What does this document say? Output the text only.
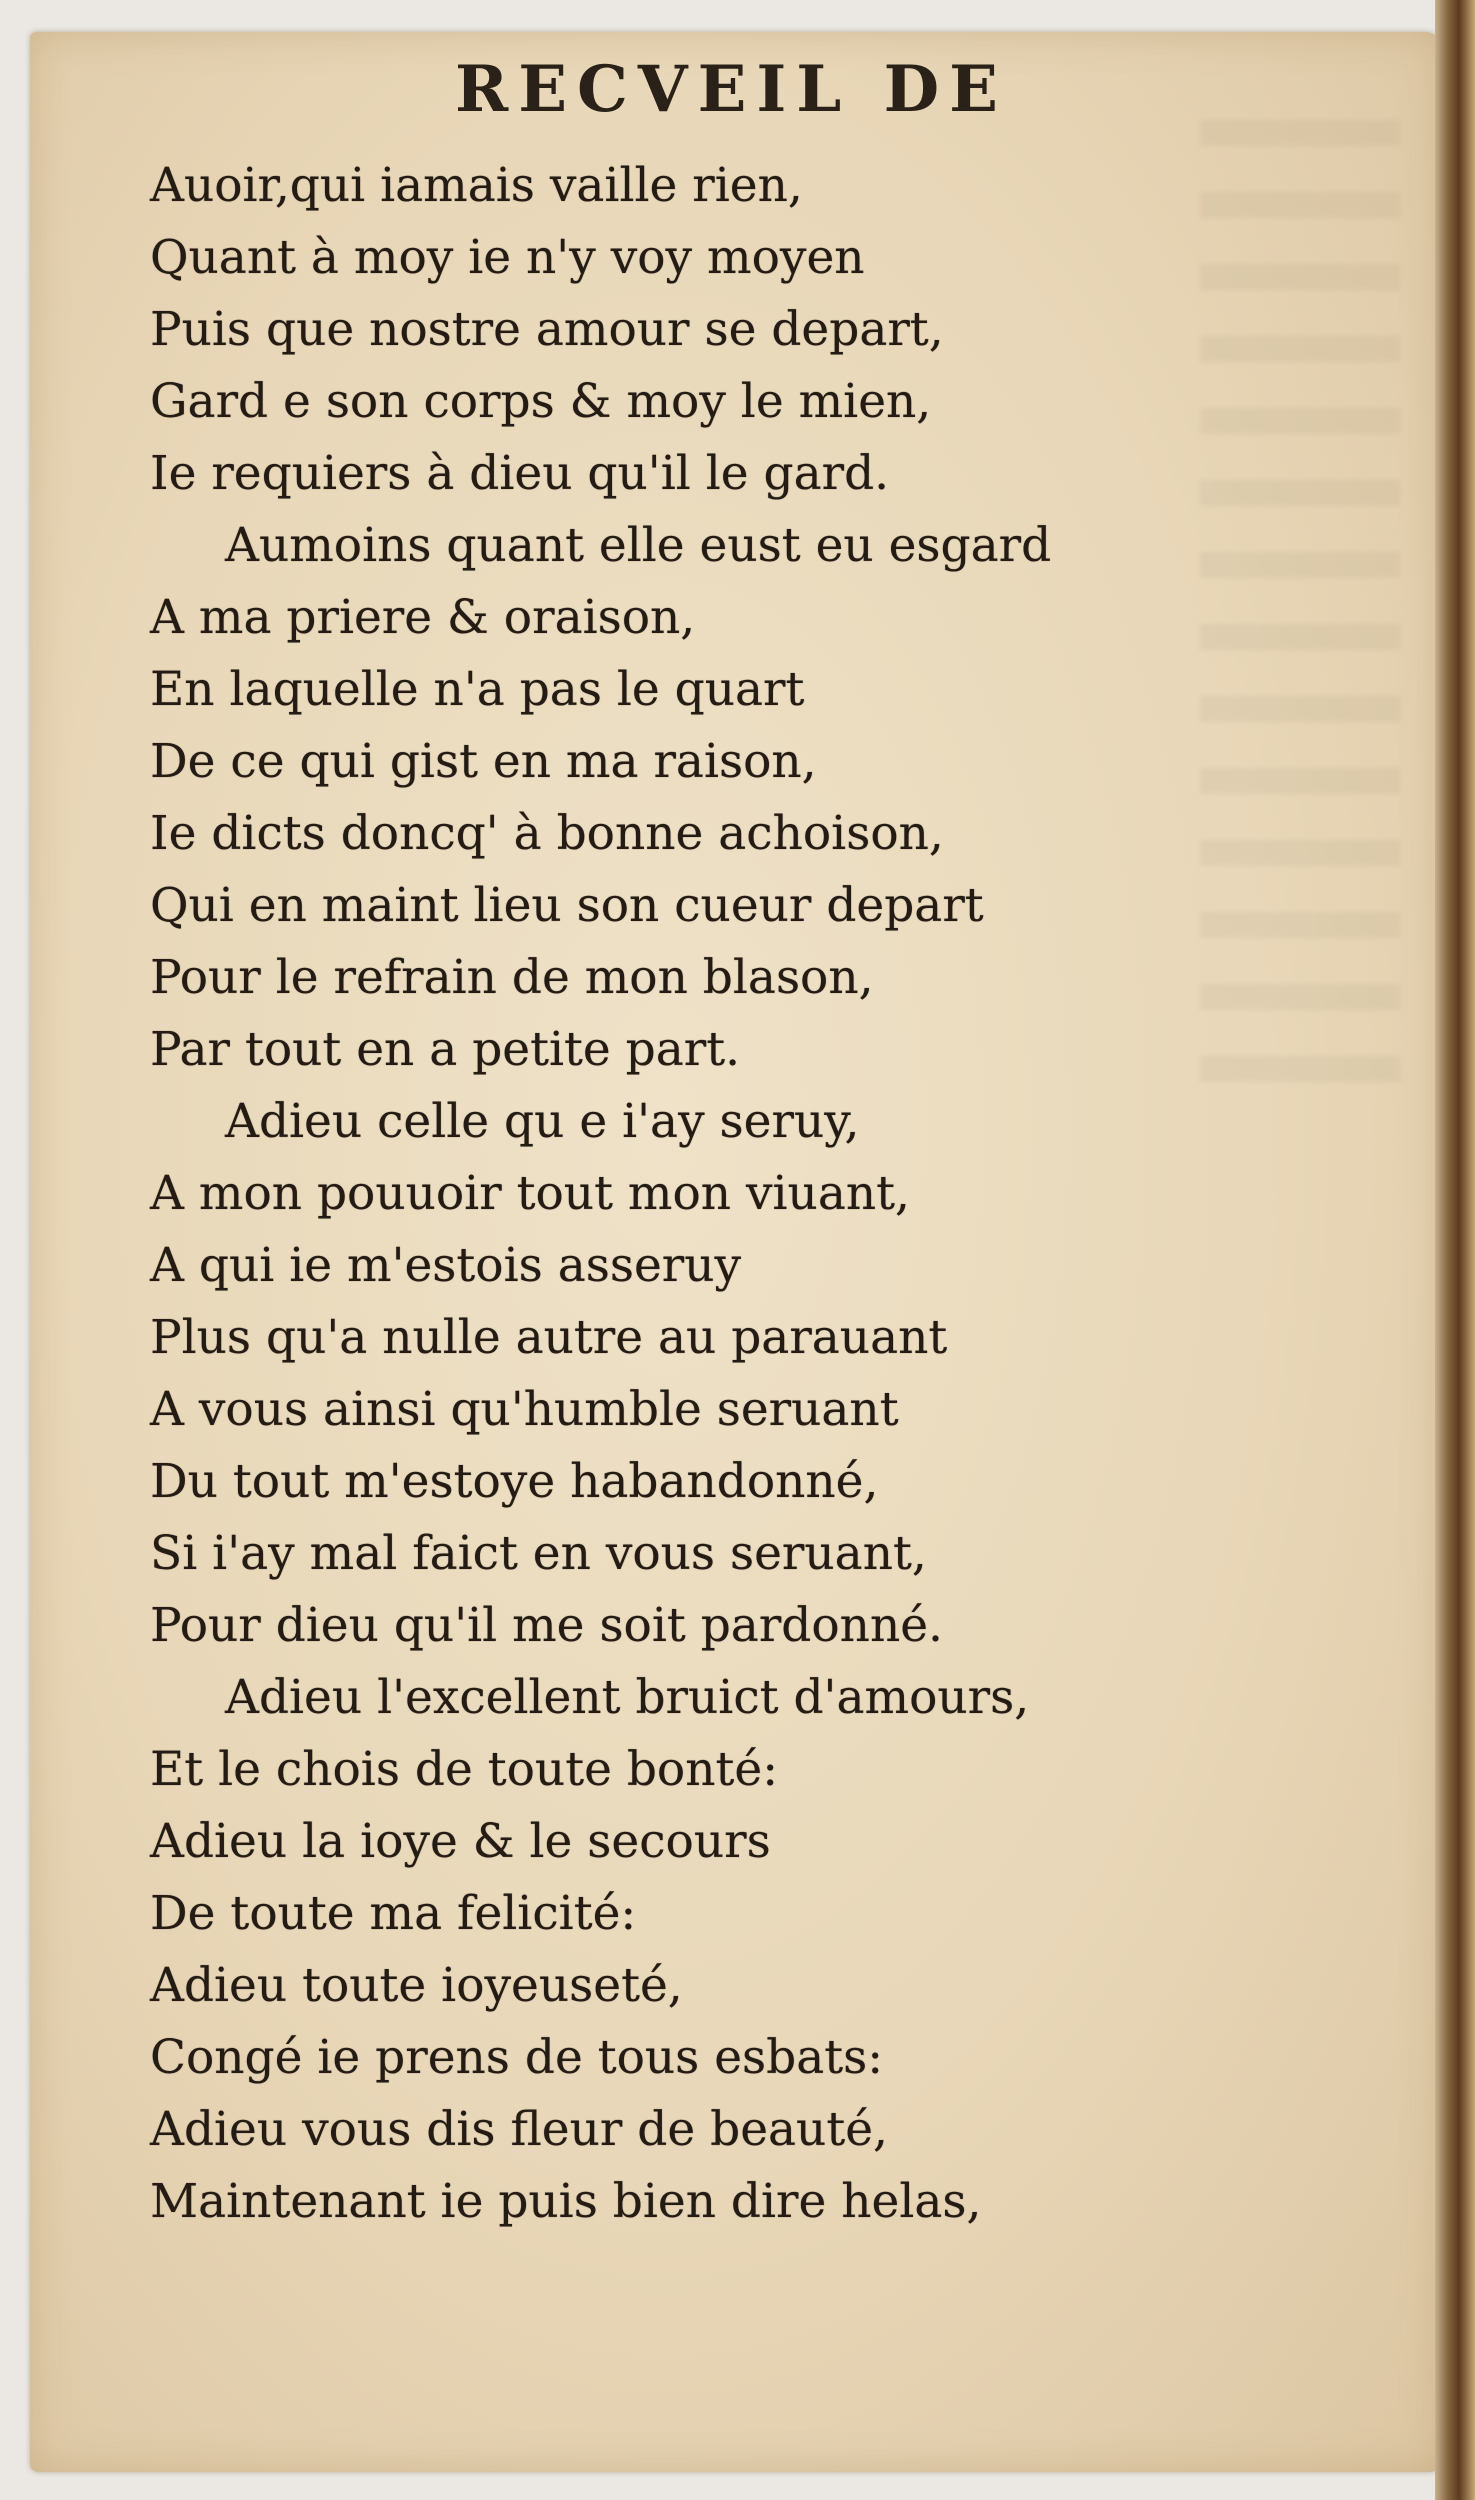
RECVEIL DE
Auoir,qui iamais vaille rien,
Quant à moy ie n'y voy moyen
Puis que nostre amour se depart,
Gard e son corps & moy le mien,
Ie requiers à dieu qu'il le gard.
Aumoins quant elle eust eu esgard
A ma priere & oraison,
En laquelle n'a pas le quart
De ce qui gist en ma raison,
Ie dicts doncq' à bonne achoison,
Qui en maint lieu son cueur depart
Pour le refrain de mon blason,
Par tout en a petite part.
Adieu celle qu e i'ay seruy,
A mon pouuoir tout mon viuant,
A qui ie m'estois asseruy
Plus qu'a nulle autre au parauant
A vous ainsi qu'humble seruant
Du tout m'estoye habandonné,
Si i'ay mal faict en vous seruant,
Pour dieu qu'il me soit pardonné.
Adieu l'excellent bruict d'amours,
Et le chois de toute bonté:
Adieu la ioye & le secours
De toute ma felicité:
Adieu toute ioyeuseté,
Congé ie prens de tous esbats:
Adieu vous dis fleur de beauté,
Maintenant ie puis bien dire helas,
